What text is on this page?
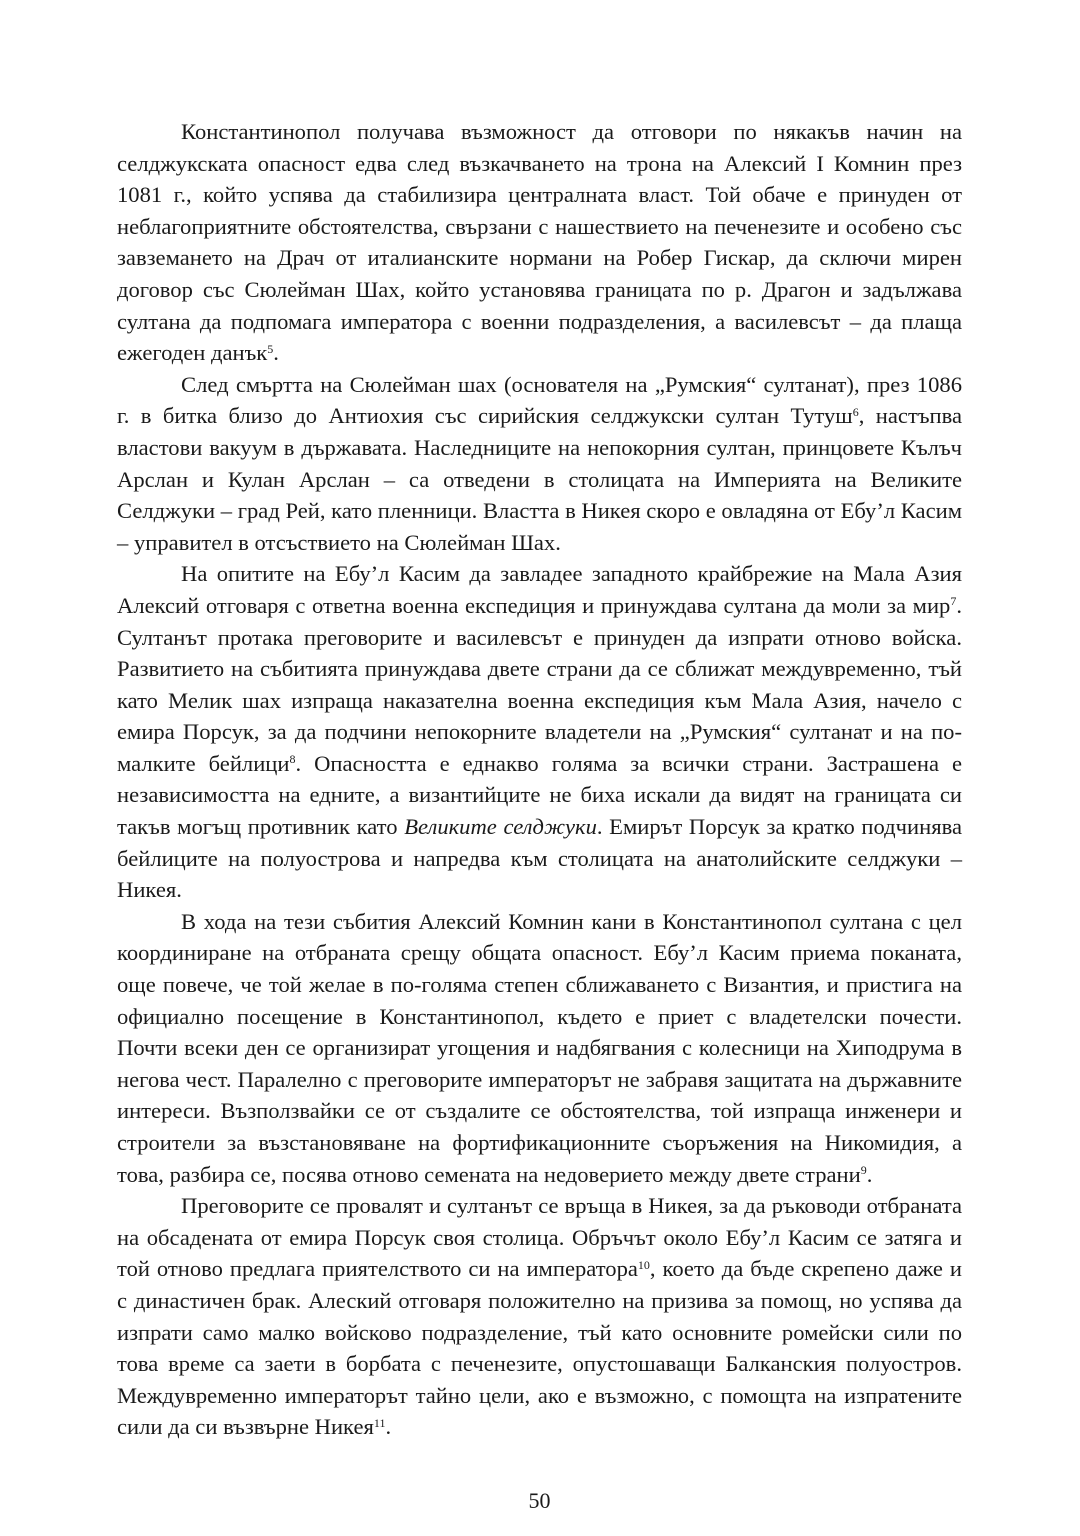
Константинопол получава възможност да отговори по някакъв начин на селджукската опасност едва след възкачването на трона на Алексий I Комнин през 1081 г., който успява да стабилизира централната власт. Той обаче е принуден от неблагоприятните обстоятелства, свързани с нашествието на печенезите и особено със завземането на Драч от италианските нормани на Робер Гискар, да сключи мирен договор със Сюлейман Шах, който установява границата по р. Драгон и задължава султана да подпомага императора с военни подразделения, а василевсът – да плаща ежегоден данък$^5$.

След смъртта на Сюлейман шах (основателя на „Румския“ султанат), през 1086 г. в битка близо до Антиохия със сирийския селджукски султан Тутуш$^6$, настъпва властови вакуум в държавата. Наследниците на непокорния султан, принцовете Кълъч Арслан и Кулан Арслан – са отведени в столицата на Империята на Великите Селджуки – град Рей, като пленници. Властта в Никея скоро е овладяна от Ебу’л Касим – управител в отсъствието на Сюлейман Шах.

На опитите на Ебу’л Касим да завладее западното крайбрежие на Мала Азия Алексий отговаря с ответна военна експедиция и принуждава султана да моли за мир$^7$. Султанът протака преговорите и василевсът е принуден да изпрати отново войска. Развитието на събитията принуждава двете страни да се сближат междувременно, тъй като Мелик шах изпраща наказателна военна експедиция към Мала Азия, начело с емира Порсук, за да подчини непокорните владетели на „Румския“ султанат и на по-малките бейлици$^8$. Опасността е еднакво голяма за всички страни. Застрашена е независимостта на едните, а византийците не биха искали да видят на границата си такъв могъщ противник като Великите селджуки. Емирът Порсук за кратко подчинява бейлиците на полуострова и напредва към столицата на анатолийските селджуки – Никея.

В хода на тези събития Алексий Комнин кани в Константинопол султана с цел координиране на отбраната срещу общата опасност. Ебу’л Касим приема поканата, още повече, че той желае в по-голяма степен сближаването с Византия, и пристига на официално посещение в Константинопол, където е приет с владетелски почести. Почти всеки ден се организират угощения и надбягвания с колесници на Хиподрума в негова чест. Паралелно с преговорите императорът не забравя защитата на държавните интереси. Възползвайки се от създалите се обстоятелства, той изпраща инженери и строители за възстановяване на фортификационните съоръжения на Никомидия, а това, разбира се, посява отново семената на недоверието между двете страни$^9$.

Преговорите се провалят и султанът се връща в Никея, за да ръководи отбраната на обсадената от емира Порсук своя столица. Обръчът около Ебу’л Касим се затяга и той отново предлага приятелството си на императора$^{10}$, което да бъде скрепено даже и с династичен брак. Алеский отговаря положително на призива за помощ, но успява да изпрати само малко войсково подразделение, тъй като основните ромейски сили по това време са заети в борбата с печенезите, опустошаващи Балканския полуостров. Междувременно императорът тайно цели, ако е възможно, с помощта на изпратените сили да си възвърне Никея$^{11}$.

50
